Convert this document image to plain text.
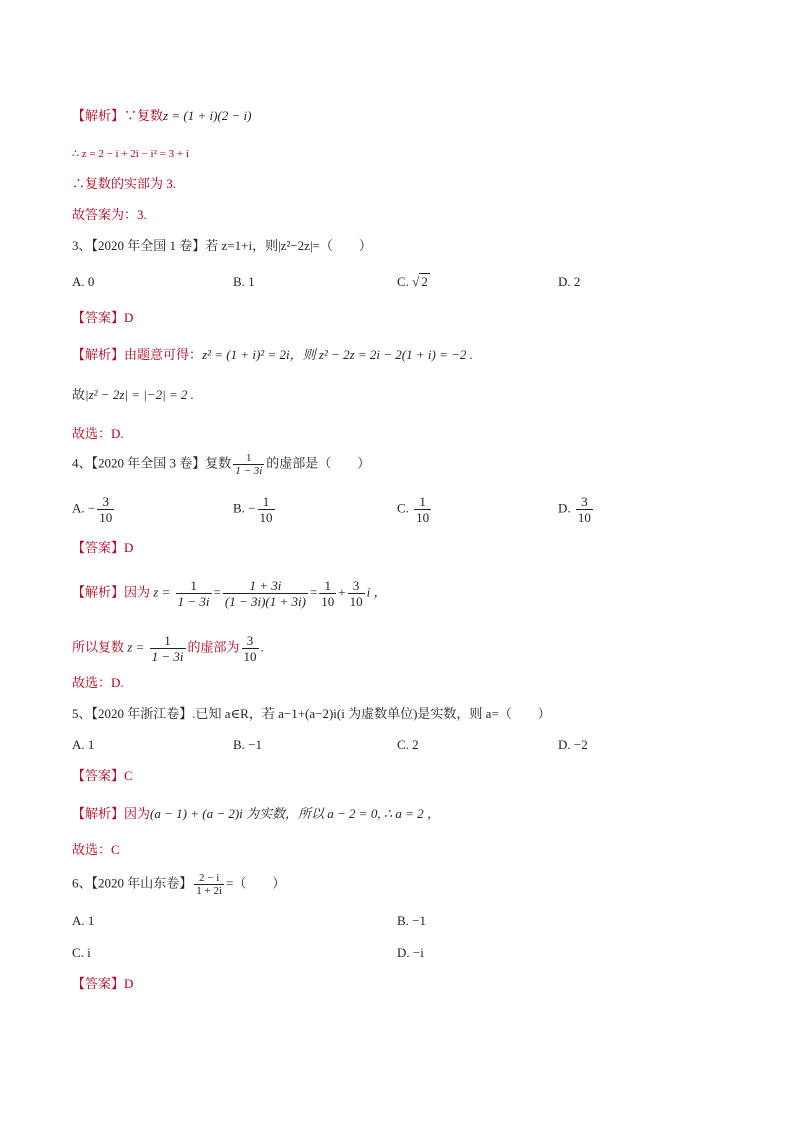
【解析】∵复数z = (1 + i)(2 − i)
∴ z = 2 − i + 2i − i² = 3 + i
∴复数的实部为 3.
故答案为：3.
3、【2020 年全国 1 卷】若 z=1+i，则|z²−2z|=（　　）
A. 0	B. 1	C. √ 2	D. 2
【答案】D
【解析】由题意可得：z² = (1 + i)² = 2i，则 z² − 2z = 2i − 2(1 + i) = −2 .
故|z² − 2z| = |−2| = 2 .
故选：D.
4、【2020 年全国 3 卷】复数 $\frac{1}{1 - 3i}$ 的虚部是（　　）
A. − $\frac{3}{10}$	B. − $\frac{1}{10}$	C. $\frac{1}{10}$	D. $\frac{3}{10}$
【答案】D
【解析】因为 $z = \frac{1}{1 - 3i} = \frac{1 + 3i}{(1 - 3i)(1 + 3i)} = \frac{1}{10} + \frac{3}{10}$ i ，
所以复数 $z = \frac{1}{1 - 3i}$ 的虚部为 $\frac{3}{10}$ .
故选：D.
5、【2020 年浙江卷】.已知 a∈R，若 a−1+(a−2)i(i 为虚数单位)是实数，则 a=（　　）
A. 1	B. −1	C. 2	D. −2
【答案】C
【解析】因为(a − 1) + (a − 2)i 为实数，所以 a − 2 = 0, ∴ a = 2 ，
故选：C
6、【2020 年山东卷】 $\frac{2 - i}{1 + 2i}$ =（　　）
A. 1	B. −1
C. i	D. −i
【答案】D
